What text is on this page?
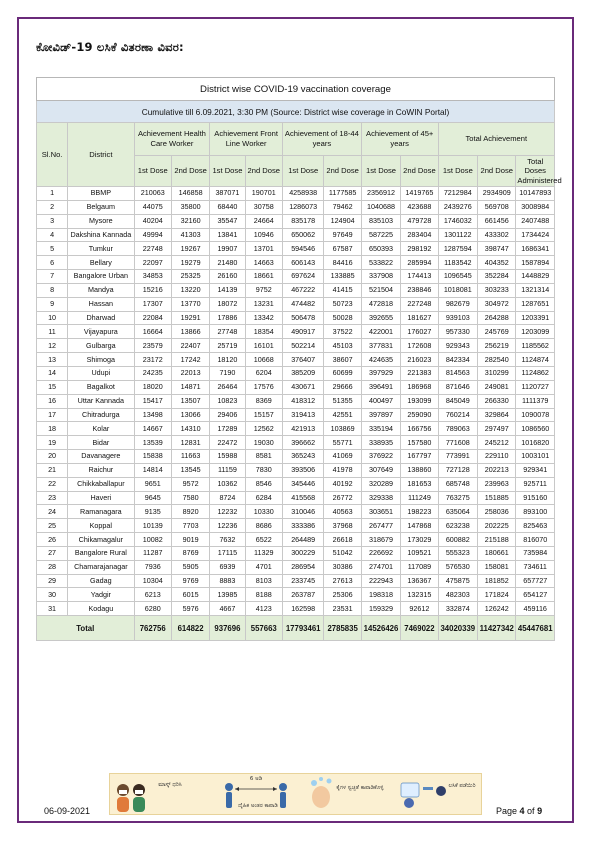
ಕೋವಿಡ್-19 ಲಸಿಕೆ ವಿತರಣಾ ವಿವರ:
District wise COVID-19 vaccination coverage												
Cumulative till 6.09.2021, 3:30 PM (Source: District wise coverage in CoWIN Portal)												
Sl.No.	District	Achievement Health Care Worker		Achievement Front Line Worker		Achievement of 18-44 years		Achievement of 45+ years		Total Achievement		
		1st Dose	2nd Dose	1st Dose	2nd Dose	1st Dose	2nd Dose	1st Dose	2nd Dose	1st Dose	2nd Dose	Total Doses Administered
1	BBMP	210063	146858	387071	190701	4258938	1177585	2356912	1419765	7212984	2934909	10147893
2	Belgaum	44075	35800	68440	30758	1286073	79462	1040688	423688	2439276	569708	3008984
3	Mysore	40204	32160	35547	24664	835178	124904	835103	479728	1746032	661456	2407488
4	Dakshina Kannada	49994	41303	13841	10946	650062	97649	587225	283404	1301122	433302	1734424
5	Tumkur	22748	19267	19907	13701	594546	67587	650393	298192	1287594	398747	1686341
6	Bellary	22097	19279	21480	14663	606143	84416	533822	285994	1183542	404352	1587894
7	Bangalore Urban	34853	25325	26160	18661	697624	133885	337908	174413	1096545	352284	1448829
8	Mandya	15216	13220	14139	9752	467222	41415	521504	238846	1018081	303233	1321314
9	Hassan	17307	13770	18072	13231	474482	50723	472818	227248	982679	304972	1287651
10	Dharwad	22084	19291	17886	13342	506478	50028	392655	181627	939103	264288	1203391
11	Vijayapura	16664	13866	27748	18354	490917	37522	422001	176027	957330	245769	1203099
12	Gulbarga	23579	22407	25719	16101	502214	45103	377831	172608	929343	256219	1185562
13	Shimoga	23172	17242	18120	10668	376407	38607	424635	216023	842334	282540	1124874
14	Udupi	24235	22013	7190	6204	385209	60699	397929	221383	814563	310299	1124862
15	Bagalkot	18020	14871	26464	17576	430671	29666	396491	186968	871646	249081	1120727
16	Uttar Kannada	15417	13507	10823	8369	418312	51355	400497	193099	845049	266330	1111379
17	Chitradurga	13498	13066	29406	15157	319413	42551	397897	259090	760214	329864	1090078
18	Kolar	14667	14310	17289	12562	421913	103869	335194	166756	789063	297497	1086560
19	Bidar	13539	12831	22472	19030	396662	55771	338935	157580	771608	245212	1016820
20	Davanagere	15838	11663	15988	8581	365243	41069	376922	167797	773991	229110	1003101
21	Raichur	14814	13545	11159	7830	393506	41978	307649	138860	727128	202213	929341
22	Chikkaballapur	9651	9572	10362	8546	345446	40192	320289	181653	685748	239963	925711
23	Haveri	9645	7580	8724	6284	415568	26772	329338	111249	763275	151885	915160
24	Ramanagara	9135	8920	12232	10330	310046	40563	303651	198223	635064	258036	893100
25	Koppal	10139	7703	12236	8686	333386	37968	267477	147868	623238	202225	825463
26	Chikamagalur	10082	9019	7632	6522	264489	26618	318679	173029	600882	215188	816070
27	Bangalore Rural	11287	8769	17115	11329	300229	51042	226692	109521	555323	180661	735984
28	Chamarajanagar	7936	5905	6939	4701	286954	30386	274701	117089	576530	158081	734611
29	Gadag	10304	9769	8883	8103	233745	27613	222943	136367	475875	181852	657727
30	Yadgir	6213	6015	13985	8188	263787	25306	198318	132315	482303	171824	654127
31	Kodagu	6280	5976	4667	4123	162598	23531	159329	92612	332874	126242	459116
Total		762756	614822	937696	557663	17793461	2785835	14526426	7469022	34020339	11427342	45447681
ಮಾಸ್ಕ್ ಧರಿಸಿ
6 ಅಡಿ
ದೈಹಿಕ ಅಂತರ ಕಾಪಾಡಿ
ಕೈಗಳ ಸ್ವಚ್ಛತೆ ಕಾಪಾಡಿಕೊಳ್ಳಿ	ಲಸಿಕೆ ಪಡೆಯಿರಿ
06-09-2021	Page 4 of 9
